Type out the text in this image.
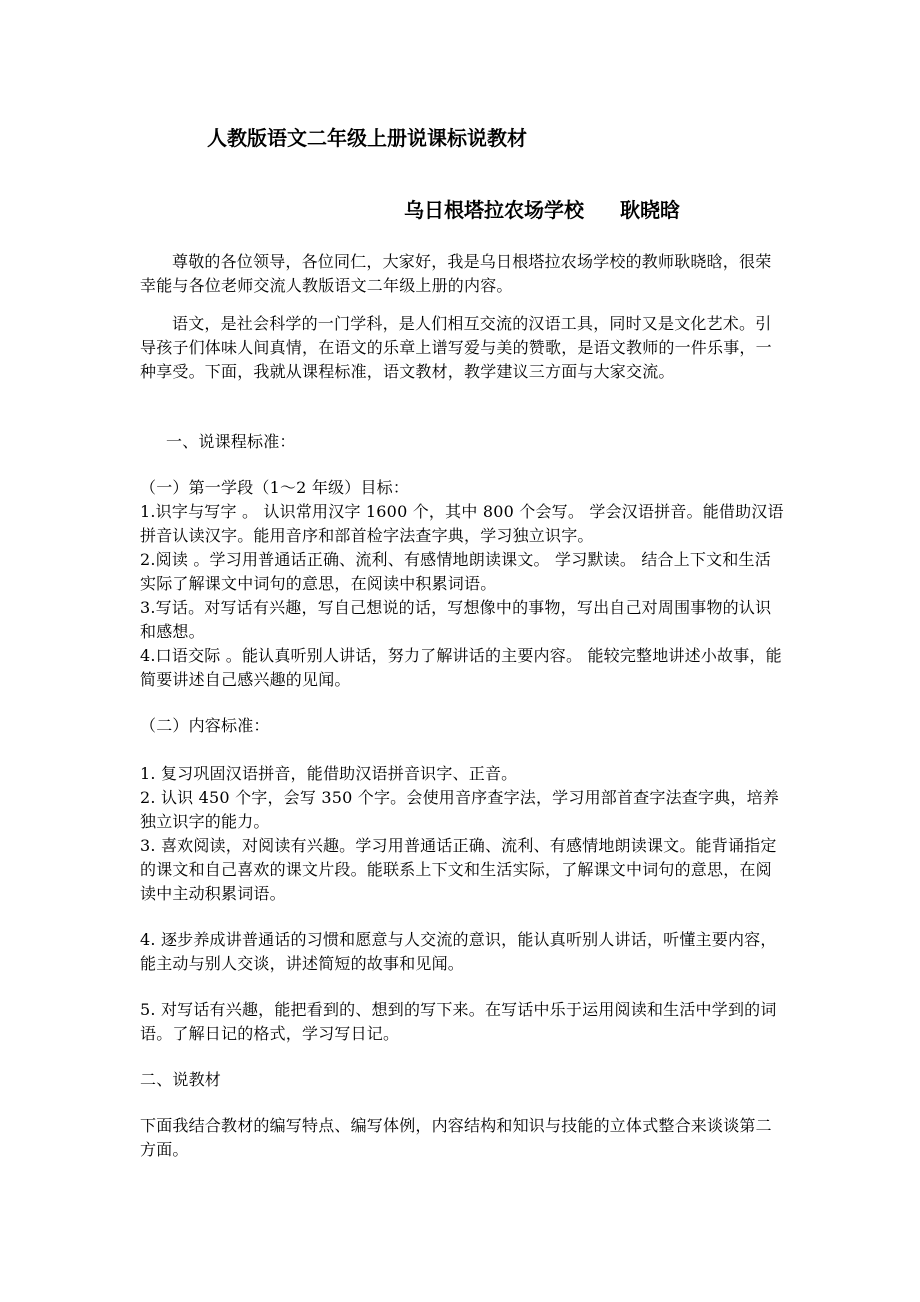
人教版语文二年级上册说课标说教材
乌日根塔拉农场学校 耿晓晗
尊敬的各位领导，各位同仁，大家好，我是乌日根塔拉农场学校的教师耿晓晗，很荣幸能与各位老师交流人教版语文二年级上册的内容。
语文，是社会科学的一门学科，是人们相互交流的汉语工具，同时又是文化艺术。引导孩子们体味人间真情，在语文的乐章上谱写爱与美的赞歌，是语文教师的一件乐事，一种享受。下面，我就从课程标准，语文教材，教学建议三方面与大家交流。
一、说课程标准：
（一）第一学段（1～2 年级）目标：
1.识字与写字 。 认识常用汉字 1600 个，其中 800 个会写。 学会汉语拼音。能借助汉语拼音认读汉字。能用音序和部首检字法查字典，学习独立识字。
2.阅读 。学习用普通话正确、流利、有感情地朗读课文。 学习默读。 结合上下文和生活实际了解课文中词句的意思，在阅读中积累词语。
3.写话。对写话有兴趣，写自己想说的话，写想像中的事物，写出自己对周围事物的认识和感想。
4.口语交际 。能认真听别人讲话，努力了解讲话的主要内容。 能较完整地讲述小故事，能简要讲述自己感兴趣的见闻。
（二）内容标准：
1. 复习巩固汉语拼音，能借助汉语拼音识字、正音。
2. 认识 450 个字，会写 350 个字。会使用音序查字法，学习用部首查字法查字典，培养独立识字的能力。
3. 喜欢阅读，对阅读有兴趣。学习用普通话正确、流利、有感情地朗读课文。能背诵指定的课文和自己喜欢的课文片段。能联系上下文和生活实际，了解课文中词句的意思，在阅读中主动积累词语。
4. 逐步养成讲普通话的习惯和愿意与人交流的意识，能认真听别人讲话，听懂主要内容，能主动与别人交谈，讲述简短的故事和见闻。
5. 对写话有兴趣，能把看到的、想到的写下来。在写话中乐于运用阅读和生活中学到的词语。了解日记的格式，学习写日记。
二、说教材
下面我结合教材的编写特点、编写体例，内容结构和知识与技能的立体式整合来谈谈第二方面。
